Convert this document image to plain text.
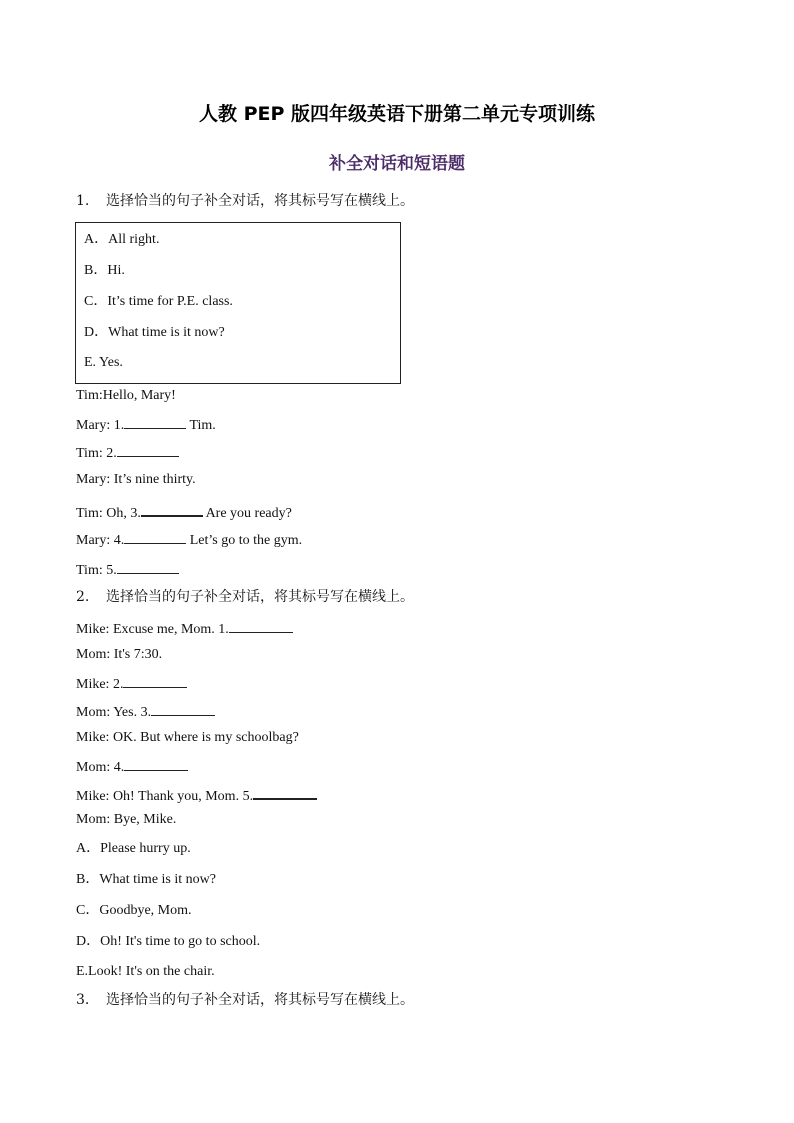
人教 PEP 版四年级英语下册第二单元专项训练
补全对话和短语题
1. 选择恰当的句子补全对话，将其标号写在横线上。
A．All right.
B．Hi.
C．It’s time for P.E. class.
D．What time is it now?
E. Yes.
Tim:Hello, Mary!
Mary: 1.	Tim.
Tim: 2.
Mary: It’s nine thirty.
Tim: Oh, 3.	Are you ready?
Mary: 4.	Let’s go to the gym.
Tim: 5.
2. 选择恰当的句子补全对话，将其标号写在横线上。
Mike: Excuse me, Mom. 1.
Mom: It's 7:30.
Mike: 2.
Mom: Yes. 3.
Mike: OK. But where is my schoolbag?
Mom: 4.
Mike: Oh! Thank you, Mom. 5.
Mom: Bye, Mike.
A．Please hurry up.
B．What time is it now?
C．Goodbye, Mom.
D．Oh! It's time to go to school.
E.Look! It's on the chair.
3. 选择恰当的句子补全对话，将其标号写在横线上。
